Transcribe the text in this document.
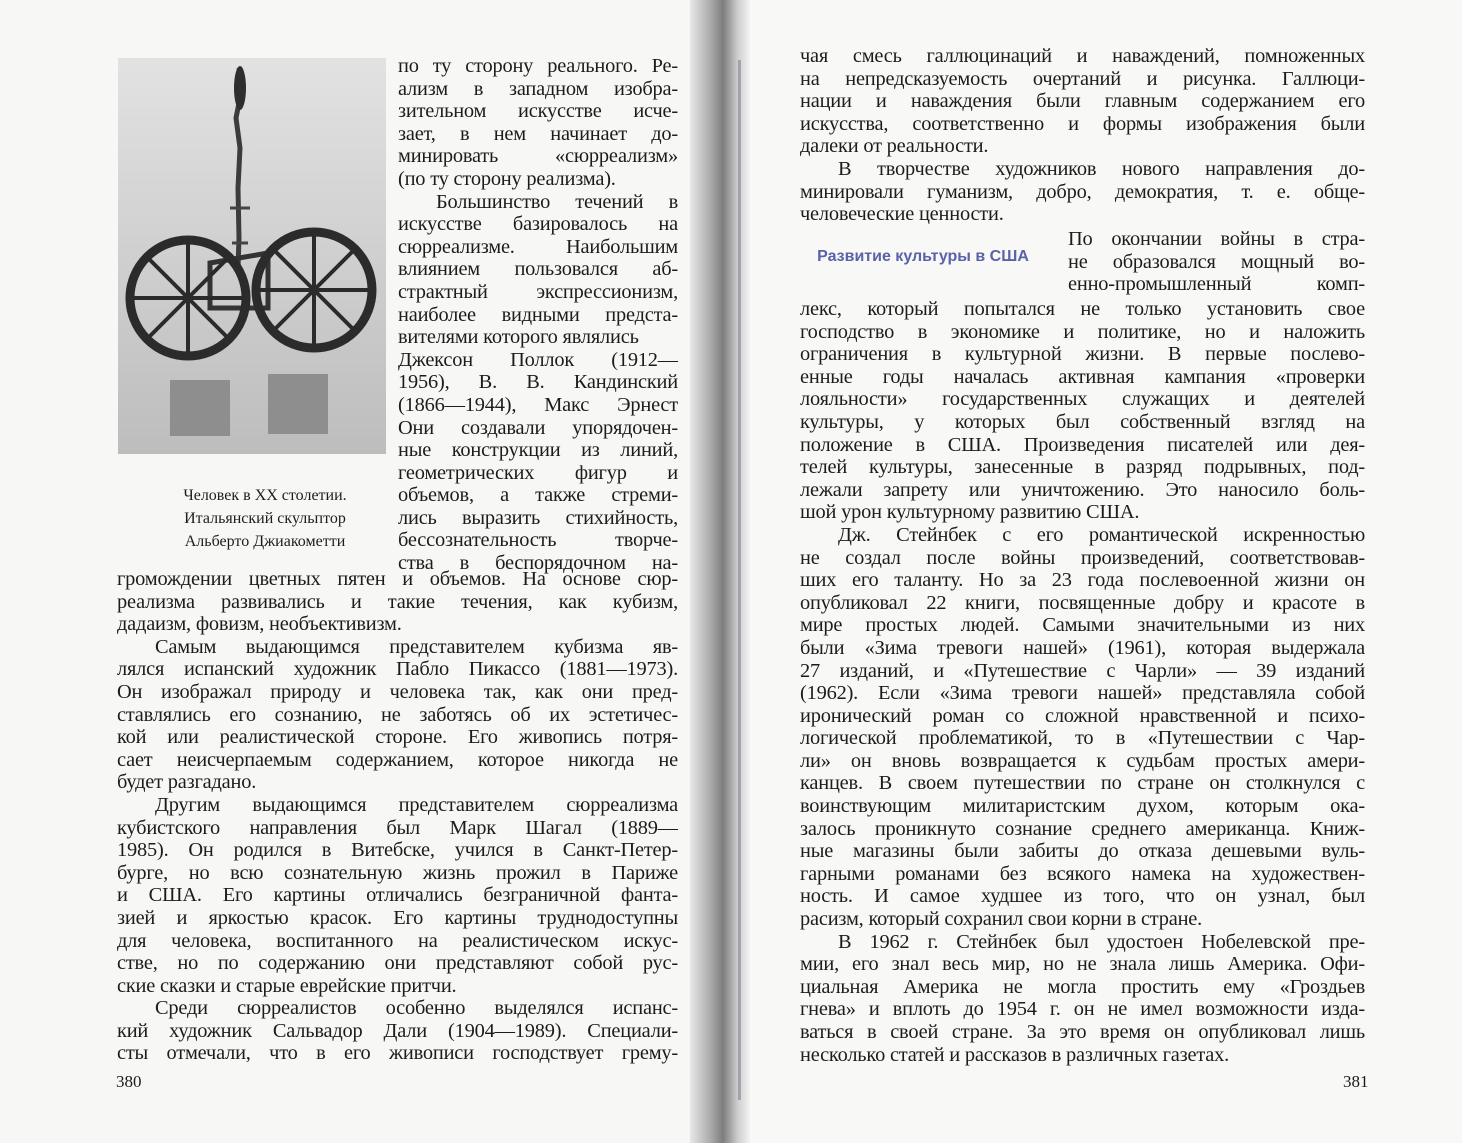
Человек в XX столетии.
Итальянский скульптор
Альберто Джиакометти
по ту сторону реального. Ре-
ализм в западном изобра-
зительном искусстве исче-
зает, в нем начинает до-
минировать «сюрреализм»
(по ту сторону реализма).
Большинство течений в
искусстве базировалось на
сюрреализме. Наибольшим
влиянием пользовался аб-
страктный экспрессионизм,
наиболее видными предста-
вителями которого являлись
Джексон Поллок (1912—
1956), В. В. Кандинский
(1866—1944), Макс Эрнест
Они создавали упорядочен-
ные конструкции из линий,
геометрических фигур и
объемов, а также стреми-
лись выразить стихийность,
бессознательность творче-
ства в беспорядочном на-
громождении цветных пятен и объемов. На основе сюр-
реализма развивались и такие течения, как кубизм,
дадаизм, фовизм, необъективизм.
Самым выдающимся представителем кубизма яв-
лялся испанский художник Пабло Пикассо (1881—1973).
Он изображал природу и человека так, как они пред-
ставлялись его сознанию, не заботясь об их эстетичес-
кой или реалистической стороне. Его живопись потря-
сает неисчерпаемым содержанием, которое никогда не
будет разгадано.
Другим выдающимся представителем сюрреализма
кубистского направления был Марк Шагал (1889—
1985). Он родился в Витебске, учился в Санкт-Петер-
бурге, но всю сознательную жизнь прожил в Париже
и США. Его картины отличались безграничной фанта-
зией и яркостью красок. Его картины труднодоступны
для человека, воспитанного на реалистическом искус-
стве, но по содержанию они представляют собой рус-
ские сказки и старые еврейские притчи.
Среди сюрреалистов особенно выделялся испанс-
кий художник Сальвадор Дали (1904—1989). Специали-
сты отмечали, что в его живописи господствует грему-
чая смесь галлюцинаций и наваждений, помноженных
на непредсказуемость очертаний и рисунка. Галлюци-
нации и наваждения были главным содержанием его
искусства, соответственно и формы изображения были
далеки от реальности.
В творчестве художников нового направления до-
минировали гуманизм, добро, демократия, т. е. обще-
человеческие ценности.
Развитие культуры в США
По окончании войны в стра-
не образовался мощный во-
енно-промышленный комп-
лекс, который попытался не только установить свое
господство в экономике и политике, но и наложить
ограничения в культурной жизни. В первые послево-
енные годы началась активная кампания «проверки
лояльности» государственных служащих и деятелей
культуры, у которых был собственный взгляд на
положение в США. Произведения писателей или дея-
телей культуры, занесенные в разряд подрывных, под-
лежали запрету или уничтожению. Это наносило боль-
шой урон культурному развитию США.
Дж. Стейнбек с его романтической искренностью
не создал после войны произведений, соответствовав-
ших его таланту. Но за 23 года послевоенной жизни он
опубликовал 22 книги, посвященные добру и красоте в
мире простых людей. Самыми значительными из них
были «Зима тревоги нашей» (1961), которая выдержала
27 изданий, и «Путешествие с Чарли» — 39 изданий
(1962). Если «Зима тревоги нашей» представляла собой
иронический роман со сложной нравственной и психо-
логической проблематикой, то в «Путешествии с Чар-
ли» он вновь возвращается к судьбам простых амери-
канцев. В своем путешествии по стране он столкнулся с
воинствующим милитаристским духом, которым ока-
залось проникнуто сознание среднего американца. Книж-
ные магазины были забиты до отказа дешевыми вуль-
гарными романами без всякого намека на художествен-
ность. И самое худшее из того, что он узнал, был
расизм, который сохранил свои корни в стране.
В 1962 г. Стейнбек был удостоен Нобелевской пре-
мии, его знал весь мир, но не знала лишь Америка. Офи-
циальная Америка не могла простить ему «Гроздьев
гнева» и вплоть до 1954 г. он не имел возможности изда-
ваться в своей стране. За это время он опубликовал лишь
несколько статей и рассказов в различных газетах.
380	381
